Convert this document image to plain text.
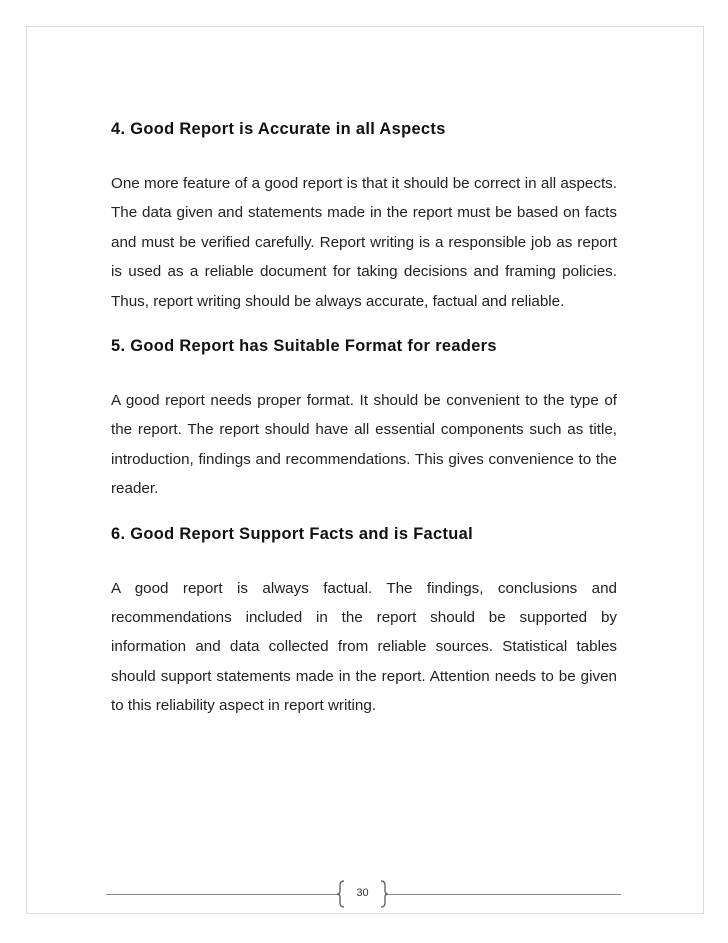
4. Good Report is Accurate in all Aspects

One more feature of a good report is that it should be correct in all aspects. The data given and statements made in the report must be based on facts and must be verified carefully. Report writing is a responsible job as report is used as a reliable document for taking decisions and framing policies. Thus, report writing should be always accurate, factual and reliable.

5. Good Report has Suitable Format for readers

A good report needs proper format. It should be convenient to the type of the report. The report should have all essential components such as title, introduction, findings and recommendations. This gives convenience to the reader.

6. Good Report Support Facts and is Factual

A good report is always factual. The findings, conclusions and recommendations included in the report should be supported by information and data collected from reliable sources. Statistical tables should support statements made in the report. Attention needs to be given to this reliability aspect in report writing.

30
